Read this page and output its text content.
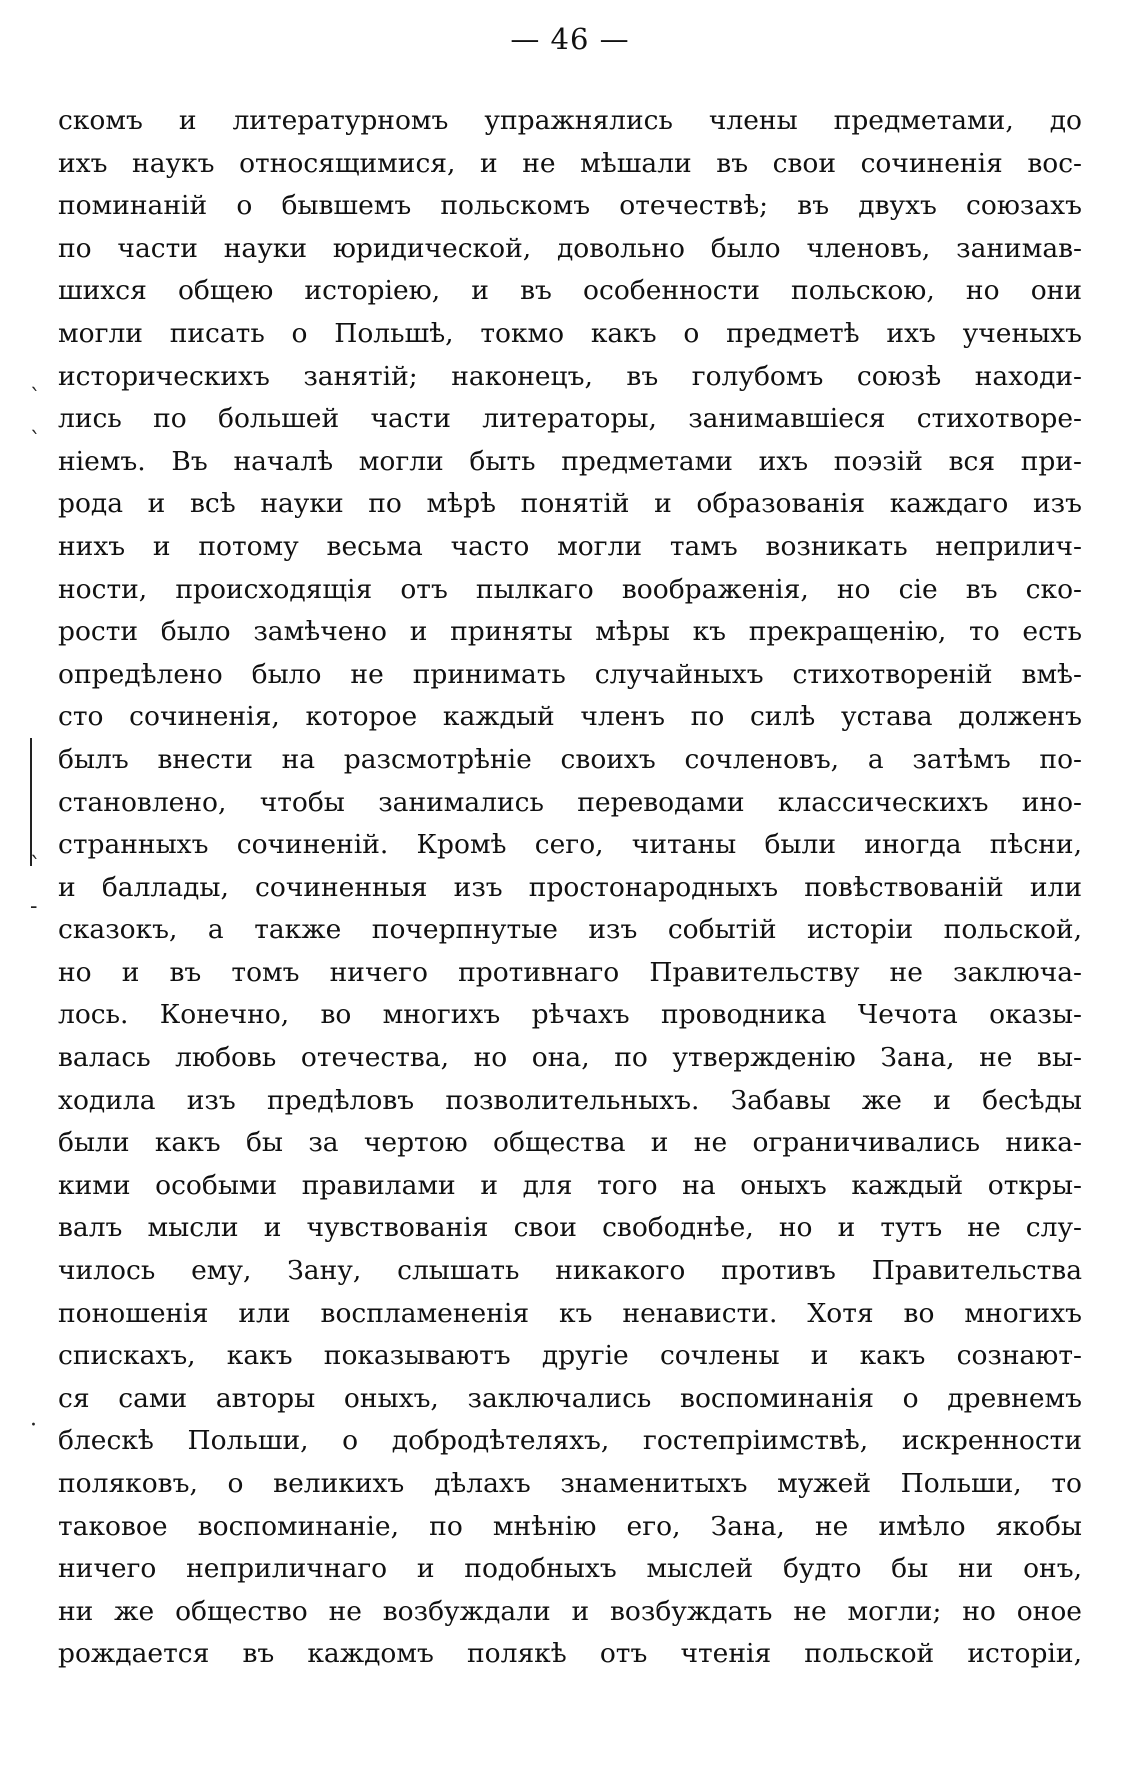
— 46 —
`
`
`
-
·
скомъ и литературномъ упражнялись члены предметами, до
ихъ наукъ относящимися, и не мѣшали въ свои сочиненія вос-
поминаній о бывшемъ польскомъ отечествѣ; въ двухъ союзахъ
по части науки юридической, довольно было членовъ, занимав-
шихся общею исторіею, и въ особенности польскою, но они
могли писать о Польшѣ, токмо какъ о предметѣ ихъ ученыхъ
историческихъ занятій; наконецъ, въ голубомъ союзѣ находи-
лись по большей части литераторы, занимавшіеся стихотворе-
ніемъ. Въ началѣ могли быть предметами ихъ поэзій вся при-
рода и всѣ науки по мѣрѣ понятій и образованія каждаго изъ
нихъ и потому весьма часто могли тамъ возникать неприлич-
ности, происходящія отъ пылкаго воображенія, но сіе въ ско-
рости было замѣчено и приняты мѣры къ прекращенію, то есть
опредѣлено было не принимать случайныхъ стихотвореній вмѣ-
сто сочиненія, которое каждый членъ по силѣ устава долженъ
былъ внести на разсмотрѣніе своихъ сочленовъ, а затѣмъ по-
становлено, чтобы занимались переводами классическихъ ино-
странныхъ сочиненій. Кромѣ сего, читаны были иногда пѣсни,
и баллады, сочиненныя изъ простонародныхъ повѣствованій или
сказокъ, а также почерпнутые изъ событій исторіи польской,
но и въ томъ ничего противнаго Правительству не заключа-
лось. Конечно, во многихъ рѣчахъ проводника Чечота оказы-
валась любовь отечества, но она, по утвержденію Зана, не вы-
ходила изъ предѣловъ позволительныхъ. Забавы же и бесѣды
были какъ бы за чертою общества и не ограничивались никa-
кими особыми правилами и для того на оныхъ каждый откры-
валъ мысли и чувствованія свои свободнѣе, но и тутъ не слу-
чилось ему, Зану, слышать никакого противъ Правительства
поношенія или воспламененія къ ненависти. Хотя во многихъ
спискахъ, какъ показываютъ другіе сочлены и какъ сознают-
ся сами авторы оныхъ, заключались воспоминанія о древнемъ
блескѣ Польши, о добродѣтеляхъ, гостепріимствѣ, искренности
поляковъ, о великихъ дѣлахъ знаменитыхъ мужей Польши, то
таковое воспоминаніе, по мнѣнію его, Зана, не имѣло якобы
ничего неприличнаго и подобныхъ мыслей будто бы ни онъ,
ни же общество не возбуждали и возбуждать не могли; но оное
рождается въ каждомъ полякѣ отъ чтенія польской исторіи,
